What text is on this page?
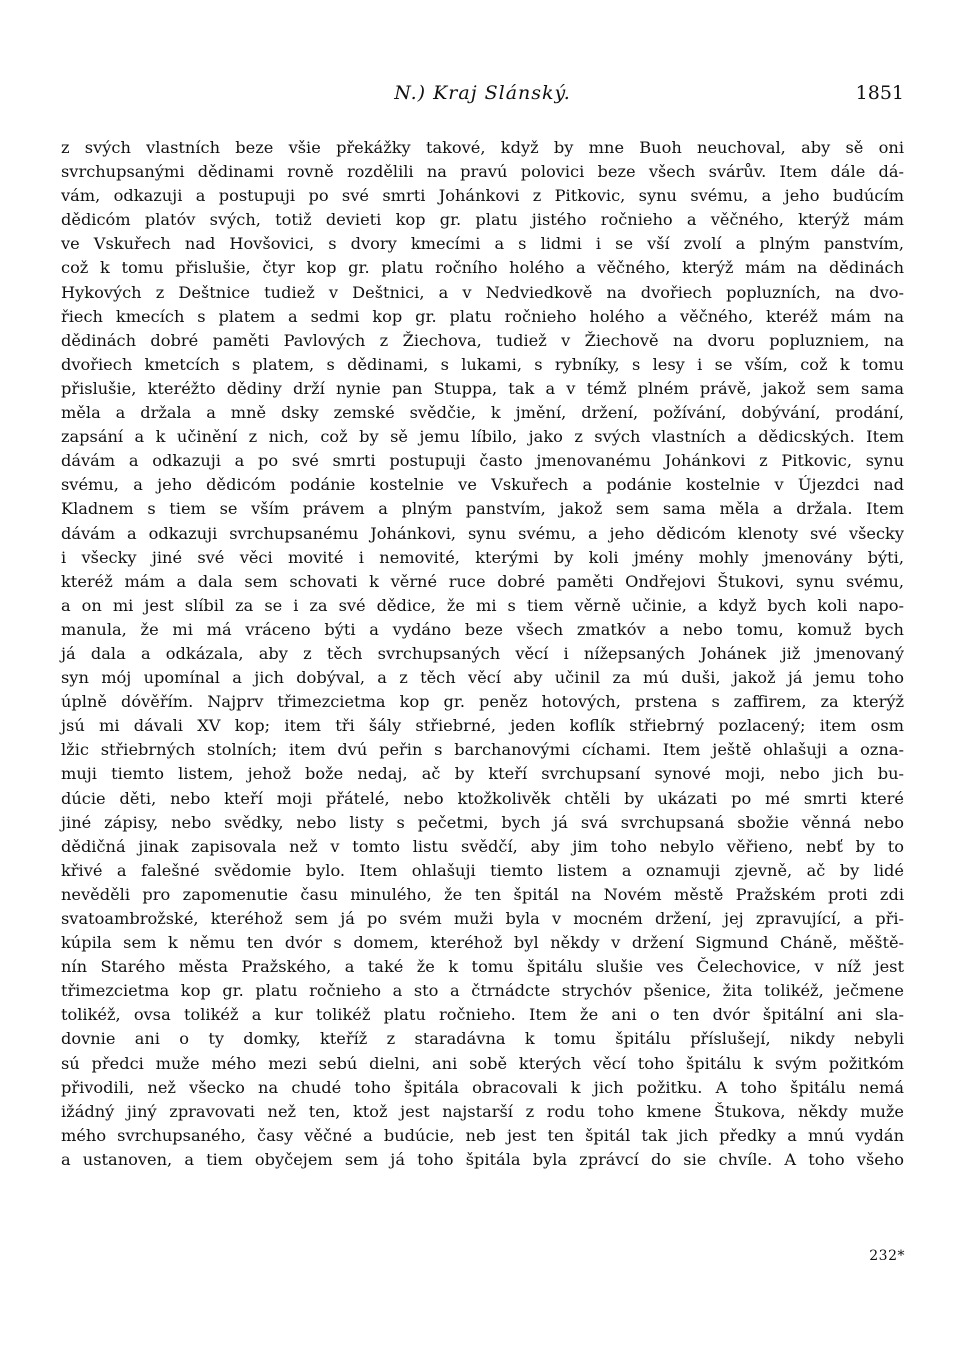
N.) Kraj Slánský.	1851
z svých vlastních beze všie překážky takové, když by mne Buoh neuchoval, aby sě oni
svrchupsanými dědinami rovně rozdělili na pravú polovici beze všech svárův. Item dále dá-
vám, odkazuji a postupuji po své smrti Johánkovi z Pitkovic, synu svému, a jeho budúcím
dědicóm platóv svých, totiž devieti kop gr. platu jistého ročnieho a věčného, kterýž mám
ve Vskuřech nad Hovšovici, s dvory kmecími a s lidmi i se vší zvolí a plným panstvím,
což k tomu přislušie, čtyr kop gr. platu ročního holého a věčného, kterýž mám na dědinách
Hykových z Deštnice tudiež v Deštnici, a v Nedviedkově na dvořiech popluzních, na dvo-
řiech kmecích s platem a sedmi kop gr. platu ročnieho holého a věčného, kteréž mám na
dědinách dobré paměti Pavlových z Žiechova, tudiež v Žiechově na dvoru popluzniem, na
dvořiech kmetcích s platem, s dědinami, s lukami, s rybníky, s lesy i se vším, což k tomu
přislušie, kteréžto dědiny drží nynie pan Stuppa, tak a v témž plném právě, jakož sem sama
měla a držala a mně dsky zemské svědčie, k jmění, držení, požívání, dobývání, prodání,
zapsání a k učinění z nich, což by sě jemu líbilo, jako z svých vlastních a dědicských. Item
dávám a odkazuji a po své smrti postupuji často jmenovanému Johánkovi z Pitkovic, synu
svému, a jeho dědicóm podánie kostelnie ve Vskuřech a podánie kostelnie v Újezdci nad
Kladnem s tiem se vším právem a plným panstvím, jakož sem sama měla a držala. Item
dávám a odkazuji svrchupsanému Johánkovi, synu svému, a jeho dědicóm klenoty své všecky
i všecky jiné své věci movité i nemovité, kterými by koli jmény mohly jmenovány býti,
kteréž mám a dala sem schovati k věrné ruce dobré paměti Ondřejovi Štukovi, synu svému,
a on mi jest slíbil za se i za své dědice, že mi s tiem věrně učinie, a když bych koli napo-
manula, že mi má vráceno býti a vydáno beze všech zmatkóv a nebo tomu, komuž bych
já dala a odkázala, aby z těch svrchupsaných věcí i nížepsaných Johánek již jmenovaný
syn mój upomínal a jich dobýval, a z těch věcí aby učinil za mú duši, jakož já jemu toho
úplně dóvěřím. Najprv třimezcietma kop gr. peněz hotových, prstena s zaffirem, za kterýž
jsú mi dávali XV kop; item tři šály střiebrné, jeden koflík střiebrný pozlacený; item osm
lžic střiebrných stolních; item dvú peřin s barchanovými cíchami. Item ještě ohlašuji a ozna-
muji tiemto listem, jehož bože nedaj, ač by kteří svrchupsaní synové moji, nebo jich bu-
dúcie děti, nebo kteří moji přátelé, nebo ktožkolivěk chtěli by ukázati po mé smrti které
jiné zápisy, nebo svědky, nebo listy s pečetmi, bych já svá svrchupsaná sbožie věnná nebo
dědičná jinak zapisovala než v tomto listu svědčí, aby jim toho nebylo věřieno, nebť by to
křivé a falešné svědomie bylo. Item ohlašuji tiemto listem a oznamuji zjevně, ač by lidé
nevěděli pro zapomenutie času minulého, že ten špitál na Novém městě Pražském proti zdi
svatoambrožské, kteréhož sem já po svém muži byla v mocném držení, jej zpravující, a při-
kúpila sem k němu ten dvór s domem, kteréhož byl někdy v držení Sigmund Cháně, měště-
nín Starého města Pražského, a také že k tomu špitálu slušie ves Čelechovice, v níž jest
třimezcietma kop gr. platu ročnieho a sto a čtrnádcte strychóv pšenice, žita tolikéž, ječmene
tolikéž, ovsa tolikéž a kur tolikéž platu ročnieho. Item že ani o ten dvór špitální ani sla-
dovnie ani o ty domky, kteříž z staradávna k tomu špitálu příslušejí, nikdy nebyli
sú předci muže mého mezi sebú dielni, ani sobě kterých věcí toho špitálu k svým požitkóm
přivodili, než všecko na chudé toho špitála obracovali k jich požitku. A toho špitálu nemá
ižádný jiný zpravovati než ten, ktož jest najstarší z rodu toho kmene Štukova, někdy muže
mého svrchupsaného, časy věčné a budúcie, neb jest ten špitál tak jich předky a mnú vydán
a ustanoven, a tiem obyčejem sem já toho špitála byla zprávcí do sie chvíle. A toho všeho
232*
